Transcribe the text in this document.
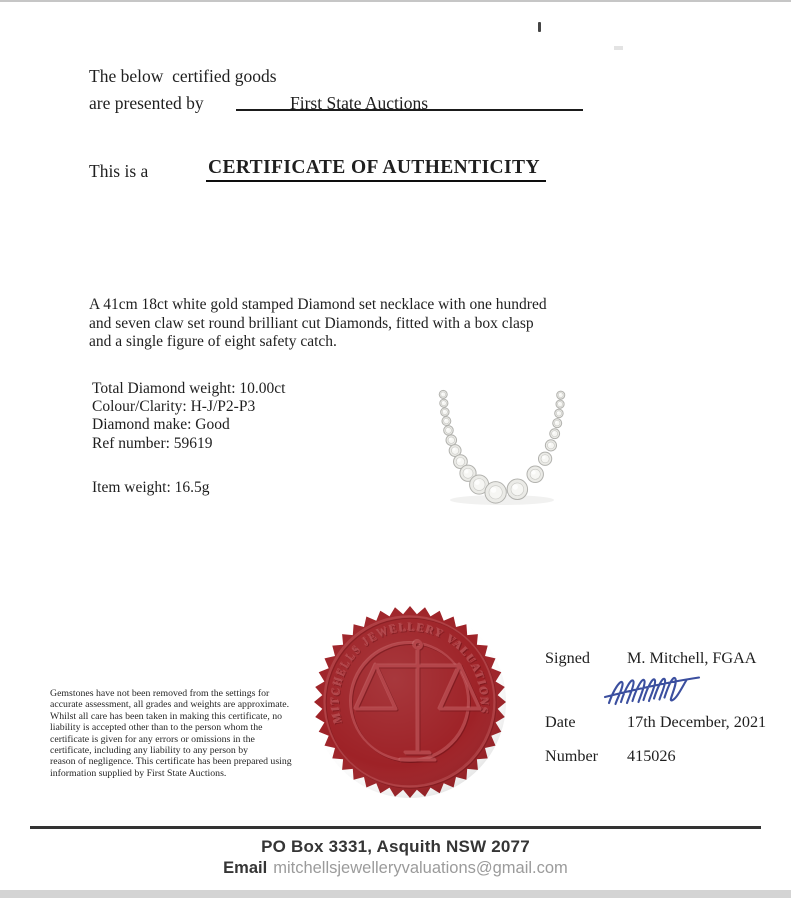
The below  certified goods
are presented by	First State Auctions
This is a	CERTIFICATE OF AUTHENTICITY
A 41cm 18ct white gold stamped Diamond set necklace with one hundred
and seven claw set round brilliant cut Diamonds, fitted with a box clasp
and a single figure of eight safety catch.
Total Diamond weight: 10.00ct
Colour/Clarity: H-J/P2-P3
Diamond make: Good
Ref number: 59619
Item weight: 16.5g
MITCHELLS JEWELLERY VALUATIONS
Gemstones have not been removed from the settings for
accurate assessment, all grades and weights are approximate.
Whilst all care has been taken in making this certificate, no
liability is accepted other than to the person whom the
certificate is given for any errors or omissions in the
certificate, including any liability to any person by
reason of negligence. This certificate has been prepared using
information supplied by First State Auctions.
Signed M. Mitchell, FGAA
Date	17th December, 2021
Number 415026
PO Box 3331, Asquith NSW 2077
Email mitchellsjewelleryvaluations@gmail.com
